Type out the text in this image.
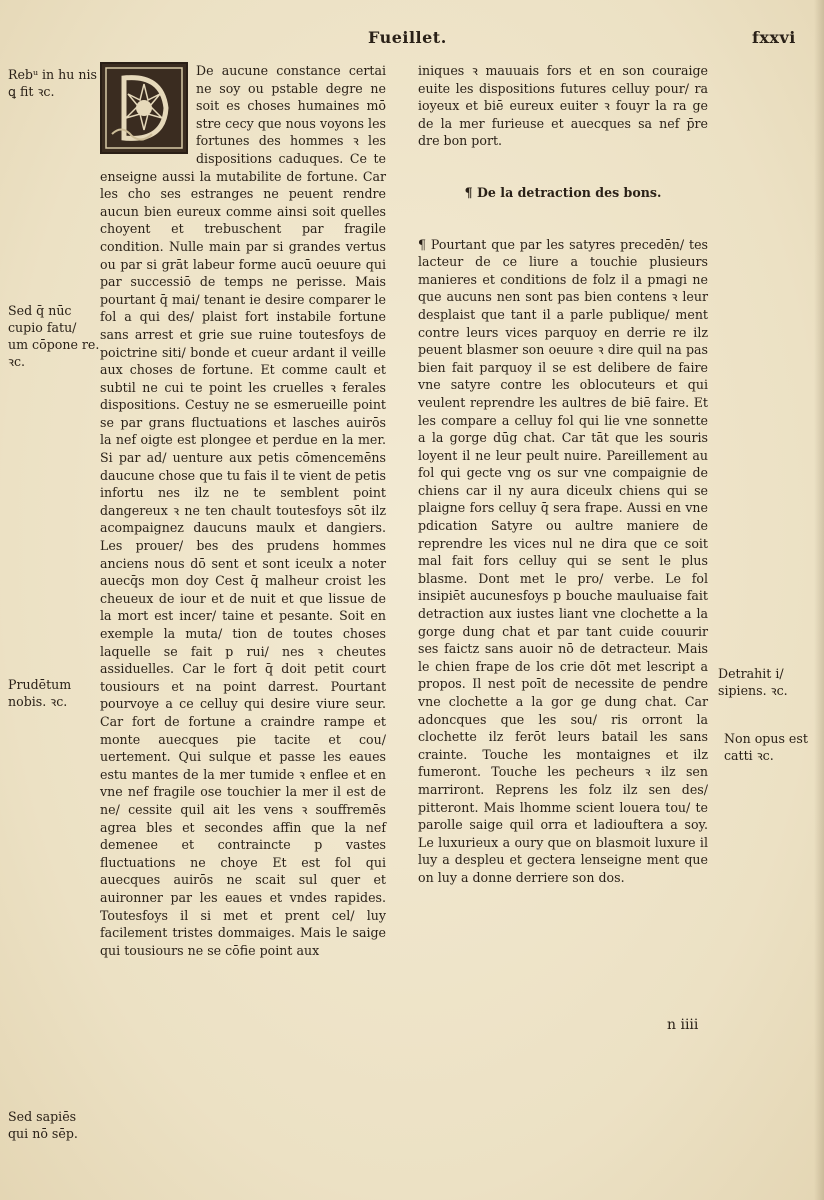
Fueillet.	fxxvi
Rebᵘ in hu nis ꝗ fit ꝛc.
Sed q̄ nūc cupio fatu/ um cōpone re. ꝛc.
Prudētum nobis. ꝛc.
Sed sapiēs qui nō sēp.
Detrahit i/ sipiens. ꝛc.
Non opus est catti ꝛc.

De aucune constance certai ne soy ou pstable degre ne soit es choses humaines mō stre cecy que nous voyons les fortunes des hommes ꝛ les dispositions caduques. Ce te enseigne aussi la mutabilite de fortune. Car les cho ses estranges ne peuent rendre aucun bien eureux comme ainsi soit quelles choyent et trebuschent par fragile condition. Nulle main par si grandes vertus ou par si grāt labeur forme aucū oeuure qui par successiō de temps ne perisse. Mais pourtant q̄ mai/ tenant ie desire comparer le fol a qui des/ plaist fort instabile fortune sans arrest et grie sue ruine toutesfoys de poictrine siti/ bonde et cueur ardant il veille aux choses de fortune. Et comme cault et subtil ne cui te point les cruelles ꝛ ferales dispositions. Cestuy ne se esmerueille point se par grans fluctuations et lasches auirōs la nef oigte est plongee et perdue en la mer. Si par ad/ uenture aux petis cōmencemēns daucune chose que tu fais il te vient de petis infortu nes ilz ne te semblent point dangereux ꝛ ne ten chault toutesfoys sōt ilz acompaignez daucuns maulx et dangiers. Les prouer/ bes des prudens hommes anciens nous dō sent et sont iceulx a noter auecq̄s mon doy Cest q̄ malheur croist les cheueux de iour et de nuit et que lissue de la mort est incer/ taine et pesante. Soit en exemple la muta/ tion de toutes choses laquelle se fait p rui/ nes ꝛ cheutes assiduelles. Car le fort q̄ doit petit court tousiours et na point darrest. Pourtant pourvoye a ce celluy qui desire viure seur. Car fort de fortune a craindre rampe et monte auecques pie tacite et cou/ uertement. Qui sulque et passe les eaues estu mantes de la mer tumide ꝛ enflee et en vne nef fragile ose touchier la mer il est de ne/ cessite quil ait les vens ꝛ souffremēs agrea bles et secondes affin que la nef demenee et contraincte p vastes fluctuations ne choye Et est fol qui auecques auirōs ne scait sul quer et auironner par les eaues et vndes rapides. Toutesfoys il si met et prent cel/ luy facilement tristes dommaiges. Mais le saige qui tousiours ne se cōfie point aux

iniques ꝛ mauuais fors et en son couraige euite les dispositions futures celluy pour/ ra ioyeux et biē eureux euiter ꝛ fouyr la ra ge de la mer furieuse et auecques sa nef p̄re dre bon port.

¶ De la detraction des bons.

¶ Pourtant que par les satyres precedēn/ tes lacteur de ce liure a touchie plusieurs manieres et conditions de folz il a pmagi ne que aucuns nen sont pas bien contens ꝛ leur desplaist que tant il a parle publique/ ment contre leurs vices parquoy en derrie re ilz peuent blasmer son oeuure ꝛ dire quil na pas bien fait parquoy il se est delibere de faire vne satyre contre les oblocuteurs et qui veulent reprendre les aultres de biē faire. Et les compare a celluy fol qui lie vne sonnette a la gorge dūg chat. Car tāt que les souris loyent il ne leur peult nuire. Pareillement au fol qui gecte vng os sur vne compaignie de chiens car il ny aura diceulx chiens qui se plaigne fors celluy q̄ sera frape. Aussi en vne pdication Satyre ou aultre maniere de reprendre les vices nul ne dira que ce soit mal fait fors celluy qui se sent le plus blasme. Dont met le pro/ verbe. Le fol insipiēt aucunesfoys p bouche mauluaise fait detraction aux iustes liant vne clochette a la gorge dung chat et par tant cuide couurir ses faictz sans auoir nō de detracteur. Mais le chien frape de los crie dōt met lescript a propos. Il nest poīt de necessite de pendre vne clochette a la gor ge dung chat. Car adoncques que les sou/ ris orront la clochette ilz ferōt leurs batail les sans crainte. Touche les montaignes et ilz fumeront. Touche les pecheurs ꝛ ilz sen marriront. Reprens les folz ilz sen des/ pitteront. Mais lhomme scient louera tou/ te parolle saige quil orra et ladiouftera a soy. Le luxurieux a oury que on blasmoit luxure il luy a despleu et gectera lenseigne ment que on luy a donne derriere son dos.

n iiii
